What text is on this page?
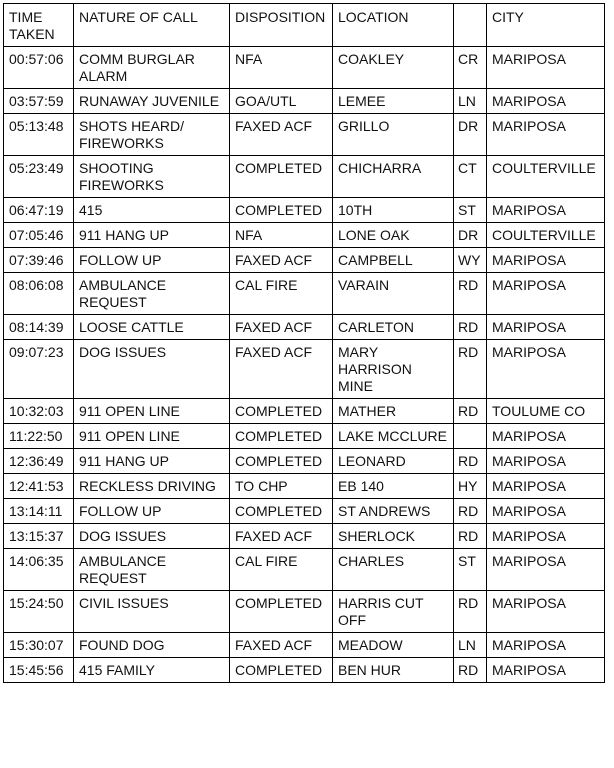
TIME TAKEN	NATURE OF CALL	DISPOSITION	LOCATION		CITY
00:57:06	COMM BURGLAR ALARM	NFA	COAKLEY	CR	MARIPOSA
03:57:59	RUNAWAY JUVENILE	GOA/UTL	LEMEE	LN	MARIPOSA
05:13:48	SHOTS HEARD/ FIREWORKS	FAXED ACF	GRILLO	DR	MARIPOSA
05:23:49	SHOOTING FIREWORKS	COMPLETED	CHICHARRA	CT	COULTERVILLE
06:47:19	415	COMPLETED	10TH	ST	MARIPOSA
07:05:46	911 HANG UP	NFA	LONE OAK	DR	COULTERVILLE
07:39:46	FOLLOW UP	FAXED ACF	CAMPBELL	WY	MARIPOSA
08:06:08	AMBULANCE REQUEST	CAL FIRE	VARAIN	RD	MARIPOSA
08:14:39	LOOSE CATTLE	FAXED ACF	CARLETON	RD	MARIPOSA
09:07:23	DOG ISSUES	FAXED ACF	MARY HARRISON MINE	RD	MARIPOSA
10:32:03	911 OPEN LINE	COMPLETED	MATHER	RD	TOULUME CO
11:22:50	911 OPEN LINE	COMPLETED	LAKE MCCLURE		MARIPOSA
12:36:49	911 HANG UP	COMPLETED	LEONARD	RD	MARIPOSA
12:41:53	RECKLESS DRIVING	TO CHP	EB 140	HY	MARIPOSA
13:14:11	FOLLOW UP	COMPLETED	ST ANDREWS	RD	MARIPOSA
13:15:37	DOG ISSUES	FAXED ACF	SHERLOCK	RD	MARIPOSA
14:06:35	AMBULANCE REQUEST	CAL FIRE	CHARLES	ST	MARIPOSA
15:24:50	CIVIL ISSUES	COMPLETED	HARRIS CUT OFF	RD	MARIPOSA
15:30:07	FOUND DOG	FAXED ACF	MEADOW	LN	MARIPOSA
15:45:56	415 FAMILY	COMPLETED	BEN HUR	RD	MARIPOSA
